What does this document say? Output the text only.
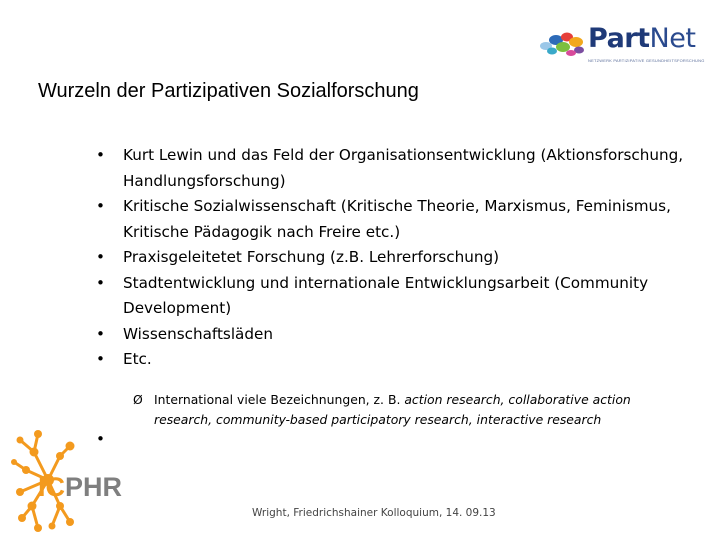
PartNet
NETZWERK PARTIZIPATIVE GESUNDHEITSFORSCHUNG
Wurzeln der Partizipativen Sozialforschung
• Kurt Lewin und das Feld der Organisationsentwicklung (Aktionsforschung, Handlungsforschung)
• Kritische Sozialwissenschaft (Kritische Theorie, Marxismus, Feminismus, Kritische Pädagogik nach Freire etc.)
• Praxisgeleitetet Forschung (z.B. Lehrerforschung)
• Stadtentwicklung und internationale Entwicklungsarbeit (Community Development)
• Wissenschaftsläden
• Etc.
Ø International viele Bezeichnungen, z. B. action research, collaborative action research, community-based participatory research, interactive research
•
ICPHR
Wright, Friedrichshainer Kolloquium, 14. 09.13
